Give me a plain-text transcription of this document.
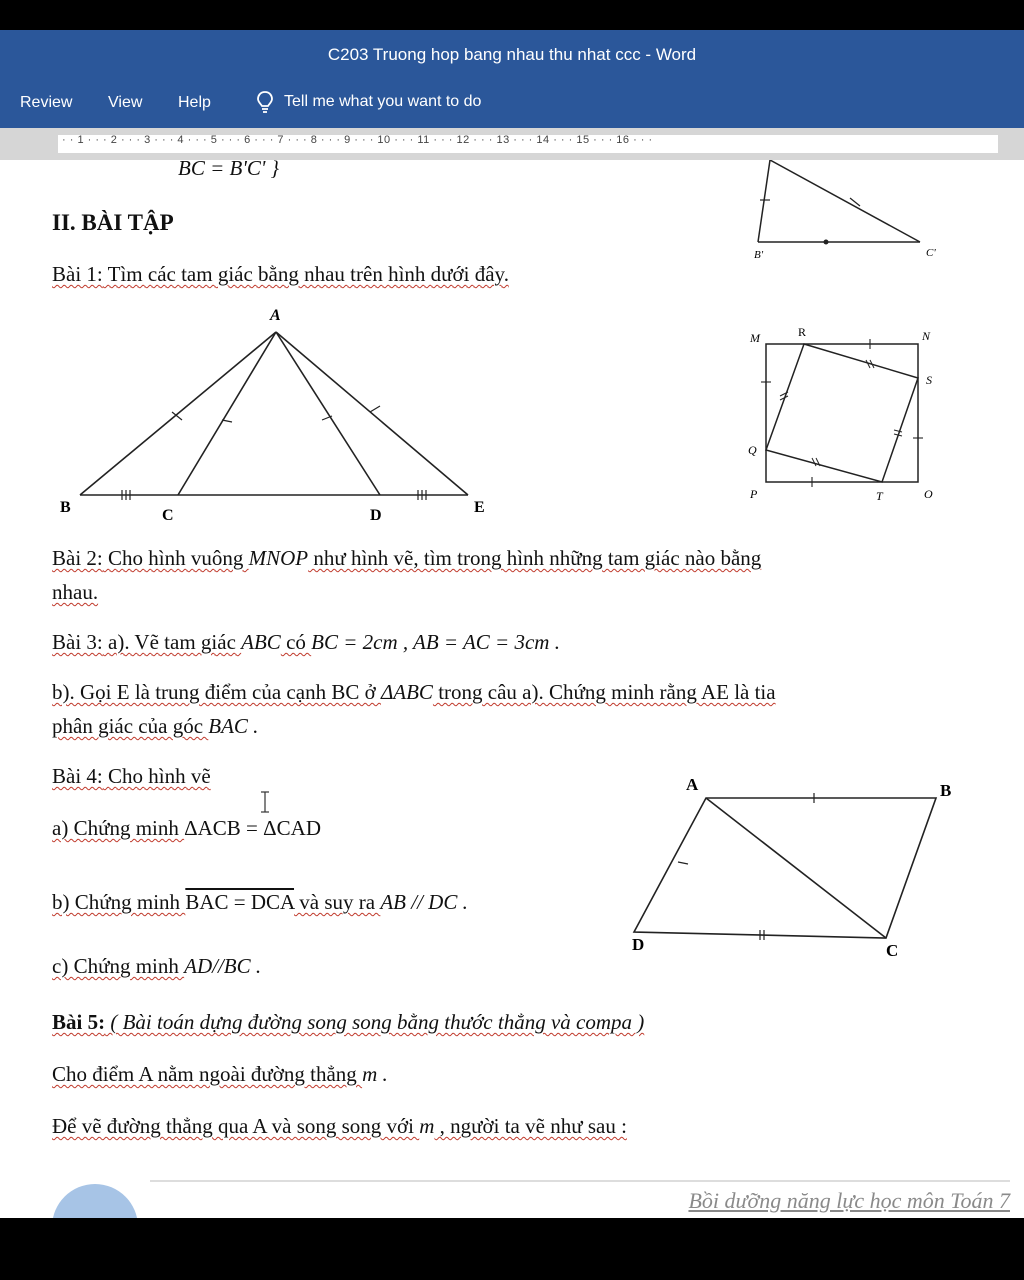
C203 Truong hop bang nhau thu nhat ccc - Word
Review View Help	Tell me what you want to do
· · 1 · · · 2 · · · 3 · · · 4 · · · 5 · · · 6 · · · 7 · · · 8 · · · 9 · · · 10 · · · 11 · · · 12 · · · 13 · · · 14 · · · 15 · · · 16 · · ·
BC = B'C' }
B'	C'
II. BÀI TẬP
Bài 1: Tìm các tam giác bằng nhau trên hình dưới đây.
A
B	C	D	E
M	R	N
S
Q
P	T	O
Bài 2: Cho hình vuông MNOP như hình vẽ, tìm trong hình những tam giác nào bằng
nhau.
Bài 3: a). Vẽ tam giác ABC có BC = 2cm , AB = AC = 3cm .
b). Gọi E là trung điểm của cạnh BC ở ΔABC trong câu a). Chứng minh rằng AE là tia
phân giác của góc BAC .
Bài 4: Cho hình vẽ
a) Chứng minh ΔACB = ΔCAD
b) Chứng minh BAC = DCA và suy ra AB // DC .
c) Chứng minh AD//BC .
A	B
D	C
Bài 5: ( Bài toán dựng đường song song bằng thước thẳng và compa )
Cho điểm A nằm ngoài đường thẳng m .
Để vẽ đường thẳng qua A và song song với m , người ta vẽ như sau :
Bồi dưỡng năng lực học môn Toán 7
